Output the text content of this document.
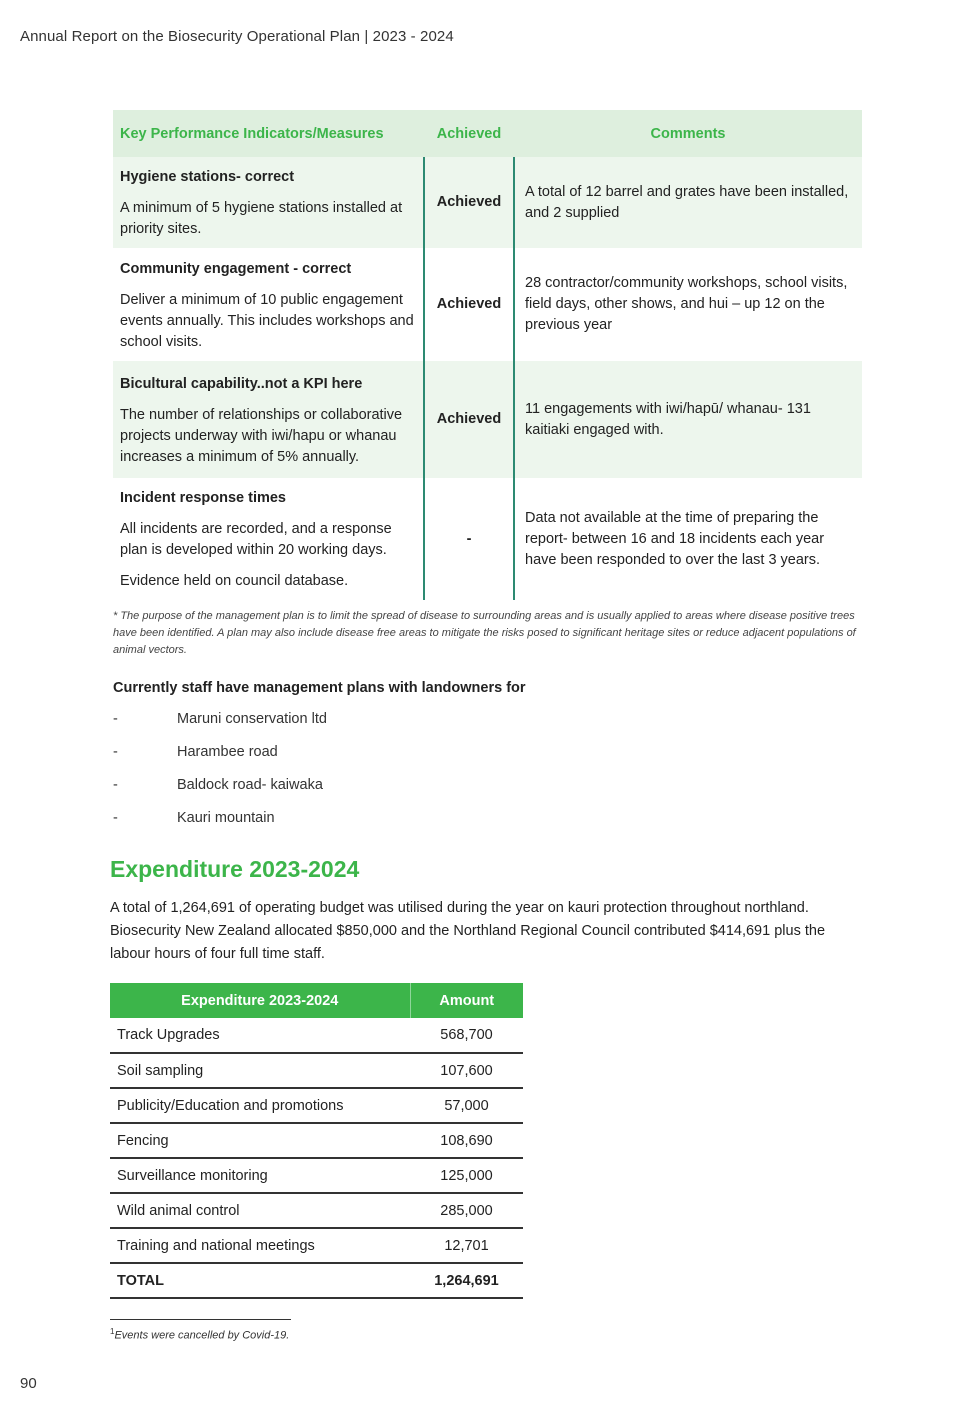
Annual Report on the Biosecurity Operational Plan | 2023 - 2024
Key Performance Indicators/Measures	Achieved	Comments

Hygiene stations- correct
A minimum of 5 hygiene stations installed at priority sites.	Achieved	A total of 12 barrel and grates have been installed, and 2 supplied

Community engagement - correct
Deliver a minimum of 10 public engagement events annually. This includes workshops and school visits.	Achieved	28 contractor/community workshops, school visits, field days, other shows, and hui – up 12 on the previous year

Bicultural capability..not a KPI here
The number of relationships or collaborative projects underway with iwi/hapu or whanau increases a minimum of 5% annually.	Achieved	11 engagements with iwi/hapū/ whanau- 131 kaitiaki engaged with.

Incident response times
All incidents are recorded, and a response plan is developed within 20 working days.
Evidence held on council database.	-	Data not available at the time of preparing the report- between 16 and 18 incidents each year have been responded to over the last 3 years.
* The purpose of the management plan is to limit the spread of disease to surrounding areas and is usually applied to areas where disease positive trees have been identified. A plan may also include disease free areas to mitigate the risks posed to significant heritage sites or reduce adjacent populations of animal vectors.
Currently staff have management plans with landowners for
-	Maruni conservation ltd
-	Harambee road
-	Baldock road- kaiwaka
-	Kauri mountain
Expenditure 2023-2024

A total of 1,264,691 of operating budget was utilised during the year on kauri protection throughout northland. Biosecurity New Zealand allocated $850,000 and the Northland Regional Council contributed $414,691 plus the labour hours of four full time staff.

Expenditure 2023-2024	Amount
Track Upgrades	568,700
Soil sampling	107,600
Publicity/Education and promotions	57,000
Fencing	108,690
Surveillance monitoring	125,000
Wild animal control	285,000
Training and national meetings	12,701
TOTAL	1,264,691
$^1$Events were cancelled by Covid-19.
90
